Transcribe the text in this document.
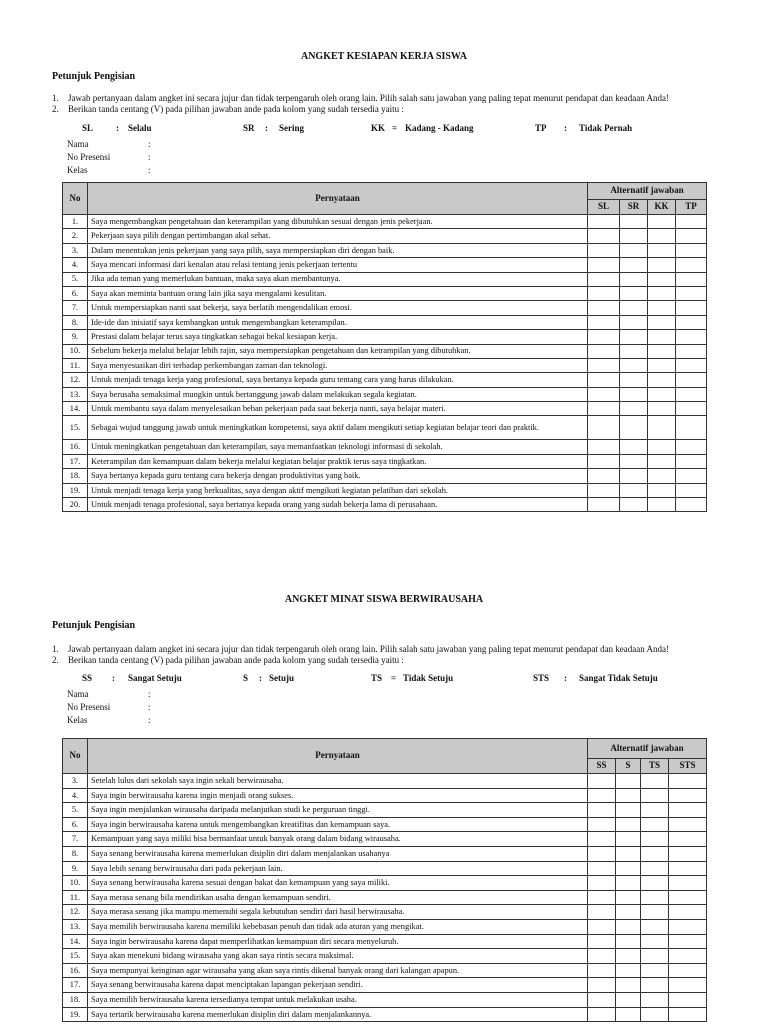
ANGKET KESIAPAN KERJA SISWA
Petunjuk Pengisian
1. Jawab pertanyaan dalam angket ini secara jujur dan tidak terpengaruh oleh orang lain. Pilih salah satu jawaban yang paling tepat menurut pendapat dan keadaan Anda!
2. Berikan tanda centang (V) pada pilihan jawaban ande pada kolom yang sudah tersedia yaitu :
SL	: Selalu	SR : Sering	KK = Kadang - Kadang	TP : Tidak Pernah
Nama	:
No Presensi	:
Kelas	:
No	Pernyataan	Alternatif jawaban			
		SL	SR	KK	TP
1.	Saya mengembangkan pengetahuan dan keterampilan yang dibutuhkan sesuai dengan jenis pekerjaan.				
2.	Pekerjaan saya pilih dengan pertimbangan akal sehat.				
3.	Dalam menentukan jenis pekerjaan yang saya pilih, saya mempersiapkan diri dengan baik.				
4.	Saya mencari informasi dari kenalan atau relasi tentang jenis pekerjaan tertentu				
5.	Jika ada teman yang memerlukan bantuan, maka saya akan membantunya.				
6.	Saya akan meminta bantuan orang lain jika saya mengalami kesulitan.				
7.	Untuk mempersiapkan nanti saat bekerja, saya berlatih mengendalikan emosi.				
8.	Ide-ide dan inisiatif saya kembangkan untuk mengembangkan keterampilan.				
9.	Prestasi dalam belajar terus saya tingkatkan sebagai bekal kesiapan kerja.				
10.	Sebelum bekerja melalui belajar lebih rajin, saya mempersiapkan pengetahuan dan ketrampilan yang dibutuhkan.				
11.	Saya menyesuaikan diri terhadap perkembangan zaman dan teknologi.				
12.	Untuk menjadi tenaga kerja yang profesional, saya bertanya kepada guru tentang cara yang harus dilakukan.				
13.	Saya berusaha semaksimal mungkin untuk bertanggung jawab dalam melakukan segala kegiatan.				
14.	Untuk membantu saya dalam menyelesaikan beban pekerjaan pada saat bekerja nanti, saya belajar materi.				
15.	Sebagai wujud tanggung jawab untuk meningkatkan kompetensi, saya aktif dalam mengikuti setiap kegiatan belajar teori dan praktik.				
16.	Untuk meningkatkan pengetahuan dan keterampilan, saya memanfaatkan teknologi informasi di sekolah.				
17.	Keterampilan dan kemampuan dalam bekerja melalui kegiatan belajar praktik terus saya tingkatkan.				
18.	Saya bertanya kepada guru tentang cara bekerja dengan produktivitas yang baik.				
19.	Untuk menjadi tenaga kerja yang berkualitas, saya dengan aktif mengikuti kegiatan pelatihan dari sekolah.				
20.	Untuk menjadi tenaga profesional, saya bertanya kepada orang yang sudah bekerja lama di perusahaan.				
ANGKET MINAT SISWA BERWIRAUSAHA
Petunjuk Pengisian
1. Jawab pertanyaan dalam angket ini secara jujur dan tidak terpengaruh oleh orang lain. Pilih salah satu jawaban yang paling tepat menurut pendapat dan keadaan Anda!
2. Berikan tanda centang (V) pada pilihan jawaban ande pada kolom yang sudah tersedia yaitu :
SS : Sangat Setuju	S : Setuju	TS = Tidak Setuju	STS : Sangat Tidak Setuju
Nama	:
No Presensi	:
Kelas	:
No	Pernyataan	Alternatif jawaban			
		SS	S	TS	STS
3.	Setelah lulus dari sekolah saya ingin sekali berwirausaha.				
4.	Saya ingin berwirausaha karena ingin menjadi orang sukses.				
5.	Saya ingin menjalankan wirausaha daripada melanjutkan studi ke perguruan tinggi.				
6.	Saya ingin berwirausaha karena untuk mengembangkan kreatifitas dan kemampuan saya.				
7.	Kemampuan yang saya miliki bisa bermanfaat untuk banyak orang dalam bidang wirausaha.				
8.	Saya senang berwirausaha karena memerlukan disiplin diri dalam menjalankan usahanya				
9.	Saya lebih senang berwirausaha dari pada pekerjaan lain.				
10.	Saya senang berwirausaha karena sesuai dengan bakat dan kemampuan yang saya miliki.				
11.	Saya merasa senang bila mendirikan usaha dengan kemampuan sendiri.				
12.	Saya merasa senang jika mampu memenuhi segala kebutuhan sendiri dari hasil berwirausaha.				
13.	Saya memilih berwirausaha karena memiliki kebebasan penuh dan tidak ada aturan yang mengikat.				
14.	Saya ingin berwirausaha karena dapat memperlihatkan kemampuan diri secara menyeluruh.				
15.	Saya akan menekuni bidang wirausaha yang akan saya rintis secara maksimal.				
16.	Saya mempunyai keinginan agar wirausaha yang akan saya rintis dikenal banyak orang dari kalangan apapun.				
17.	Saya senang berwirausaha karena dapat menciptakan lapangan pekerjaan sendiri.				
18.	Saya memilih berwirausaha karena tersedianya tempat untuk melakukan usaha.				
19.	Saya tertarik berwirausaha karena memerlukan disiplin diri dalam menjalankannya.				
